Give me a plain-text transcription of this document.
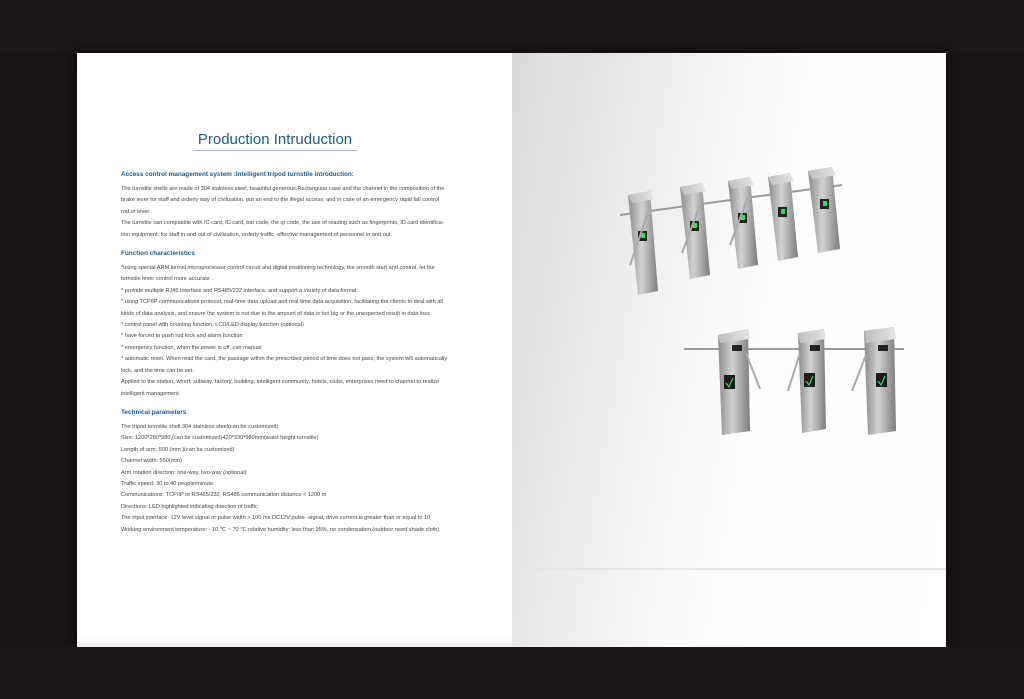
Production Intruduction
Access control management system :Intelligent tripod turnstile introduction:

The turnstile shells are made of 304 stainless steel, beautiful generous,Rectangular case and the channel in the composition of the

brake lever for staff and orderly way of civilization, put an end to the illegal access, and in case of an emergency rapid fall control

rod or lever.

The turnstile can compatible with IC card, ID card, bar code, the qr code, the use of reading such as fingerprints, ID card identifica-

tion equipment, for staff in and out of civilization, orderly traffic, effective management of personnel in and out.

Function characteristics

*using special ARM kernel microprocessor control circuit and digital positioning technology, the smooth start and control, let the

turnstile lever control more accurate .

* provide multiple RJ45 interface and RS485/232 interface, and support a variety of data format.

* using TCP/IP communications protocol, real-time data upload and real-time data acquisition, facilitating the clients to deal with all

kinds of data analysis, and ensure the system is not due to the amount of data is too big or the unexpected result in data loss

* control panel with counting function, LCD/LED display function (optional)

* have forced to push rod lock and alarm function

* emergency function, when the power is off, can manual

* automatic reset. When read the card, the passage within the prescribed period of time does not pass, the system will automatically

lock, and the time can be set.

Applied to the station, wharf, subway, factory, building, intelligent community, hotels, clubs, enterprises need to channel to realize

intelligent management

Technical parameters

The tripod turnstile shell:304 stainless steel(can be customized)

Size: 1200*280*980,(can be customized)420*330*980mm(waist height turnstile)

Length of arm: 500 (mm )(can be customized)

Channel width: 550(mm)

Arm rotation direction: one-way, two-way (optional)

Traffic speed: 30 to 40 people/minute

Communications: TCP/IP or RS485/232, RS485 communication distance < 1200 m

Directions: LED highlighted indicating direction of traffic

The input interface: 12V level signal or pulse width > 100 ms DC12V pulse -signal, drive current is greater than or equal to 10

Working environment temperature: - 10 ℃ ~ 70 ℃ relative humidity: less than 95%, no condensation (outdoor need shade cloth)
